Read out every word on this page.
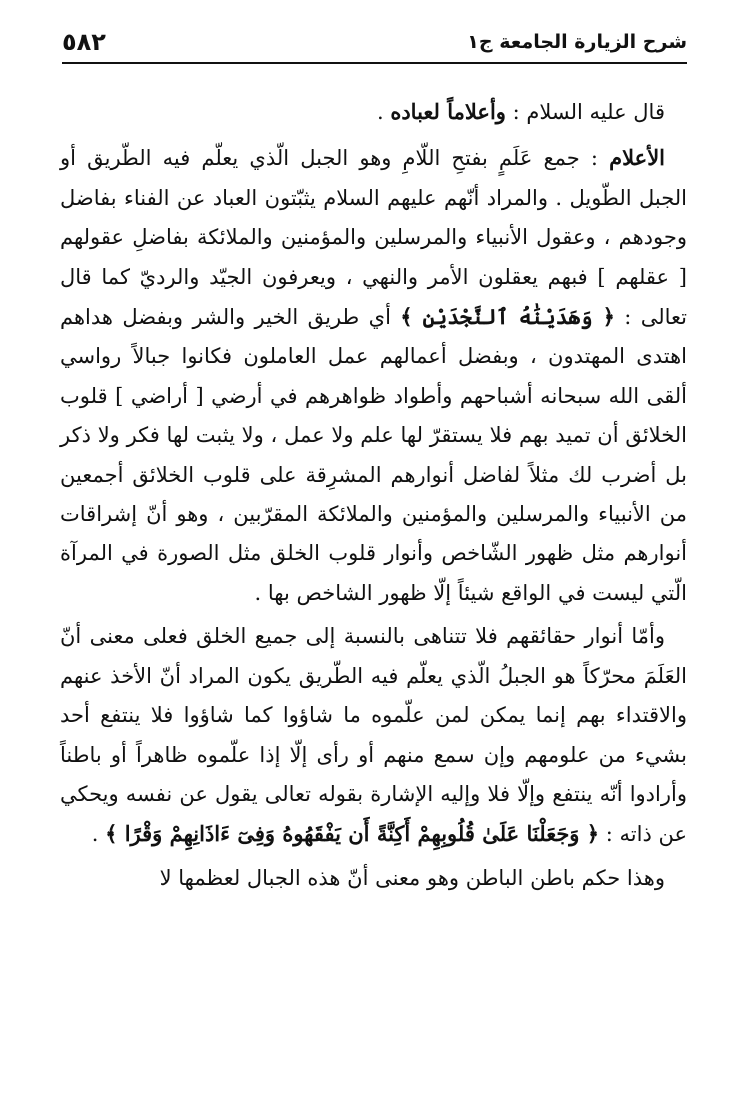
شرح الزيارة الجامعة ج١
٥٨٢

قال عليه السلام : وأعلاماً لعباده .

الأعلام : جمع عَلَمٍ بفتحِ اللّامِ وهو الجبل الّذي يعلّم فيه الطّريق أو الجبل الطّويل . والمراد أنّهم عليهم السلام يثبّتون العباد عن الفناء بفاضل وجودهم ، وعقول الأنبياء والمرسلين والمؤمنين والملائكة بفاضلِ عقولهم [ عقلهم ] فبهم يعقلون الأمر والنهي ، ويعرفون الجيّد والرديّ كما قال تعالى : ﴿ وَهَدَيْنَٰهُ ٱلنَّجْدَيْنِ ﴾ أي طريق الخير والشر وبفضل هداهم اهتدى المهتدون ، وبفضل أعمالهم عمل العاملون فكانوا جبالاً رواسي ألقى الله سبحانه أشباحهم وأطواد ظواهرهم في أرضي [ أراضي ] قلوب الخلائق أن تميد بهم فلا يستقرّ لها علم ولا عمل ، ولا يثبت لها فكر ولا ذكر بل أضرب لك مثلاً لفاضل أنوارهم المشرِقة على قلوب الخلائق أجمعين من الأنبياء والمرسلين والمؤمنين والملائكة المقرّبين ، وهو أنّ إشراقات أنوارهم مثل ظهور الشّاخص وأنوار قلوب الخلق مثل الصورة في المرآة الّتي ليست في الواقع شيئاً إلّا ظهور الشاخص بها .

وأمّا أنوار حقائقهم فلا تتناهى بالنسبة إلى جميع الخلق فعلى معنى أنّ العَلَمَ محرّكاً هو الجبلُ الّذي يعلّم فيه الطّريق يكون المراد أنّ الأخذ عنهم والاقتداء بهم إنما يمكن لمن علّموه ما شاؤوا كما شاؤوا فلا ينتفع أحد بشيء من علومهم وإن سمع منهم أو رأى إلّا إذا علّموه ظاهراً أو باطناً وأرادوا أنّه ينتفع وإلّا فلا وإليه الإشارة بقوله تعالى يقول عن نفسه ويحكي عن ذاته : ﴿ وَجَعَلْنَا عَلَىٰ قُلُوبِهِمْ أَكِنَّةً أَن يَفْقَهُوهُ وَفِىٓ ءَاذَانِهِمْ وَقْرًا ﴾ .

وهذا حكم باطن الباطن وهو معنى أنّ هذه الجبال لعظمها لا
